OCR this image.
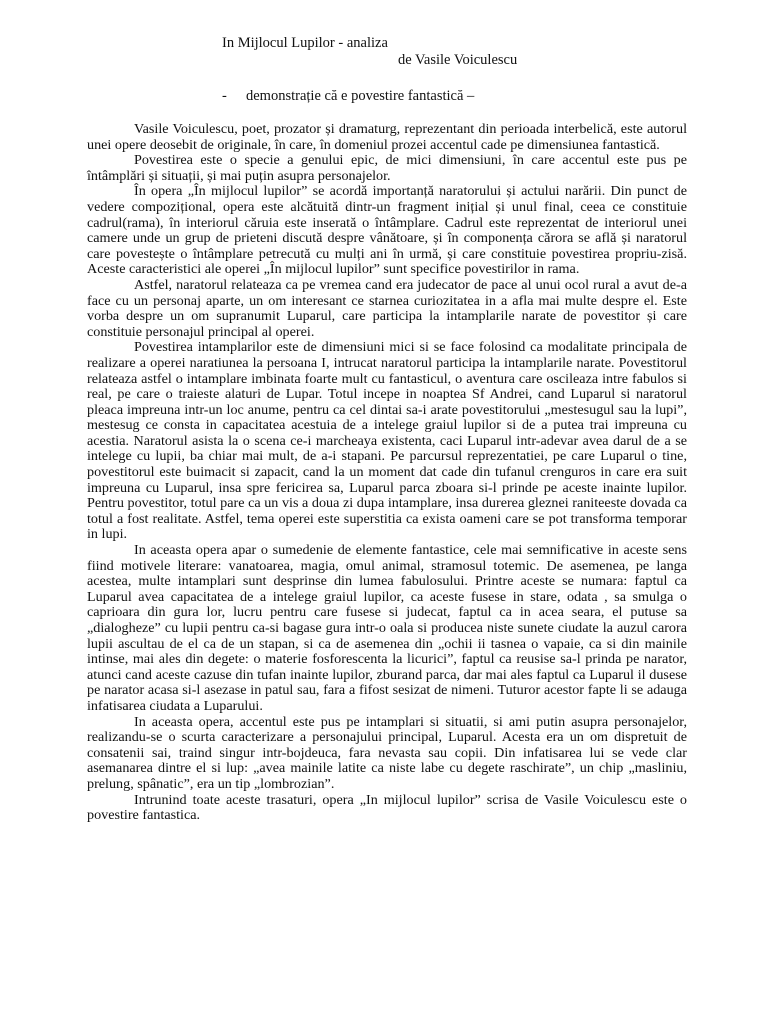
In Mijlocul Lupilor - analiza
de Vasile Voiculescu
- demonstrație că e povestire fantastică –

Vasile Voiculescu, poet, prozator și dramaturg, reprezentant din perioada interbelică, este autorul unei opere deosebit de originale, în care, în domeniul prozei accentul cade pe dimensiunea fantastică.

Povestirea este o specie a genului epic, de mici dimensiuni, în care accentul este pus pe întâmplări și situații, și mai puțin asupra personajelor.

În opera „În mijlocul lupilor” se acordă importanță naratorului și actului narării. Din punct de vedere compozițional, opera este alcătuită dintr-un fragment inițial și unul final, ceea ce constituie cadrul(rama), în interiorul căruia este inserată o întâmplare. Cadrul este reprezentat de interiorul unei camere unde un grup de prieteni discută despre vânătoare, și în componența cărora se află și naratorul care povestește o întâmplare petrecută cu mulți ani în urmă, și care constituie povestirea propriu-zisă. Aceste caracteristici ale operei „În mijlocul lupilor” sunt specifice povestirilor in rama.

Astfel, naratorul relateaza ca pe vremea cand era judecator de pace al unui ocol rural a avut de-a face cu un personaj aparte, un om interesant ce starnea curiozitatea in a afla mai multe despre el. Este vorba despre un om supranumit Luparul, care participa la intamplarile narate de povestitor și care constituie personajul principal al operei.

Povestirea intamplarilor este de dimensiuni mici si se face folosind ca modalitate principala de realizare a operei naratiunea la persoana I, intrucat naratorul participa la intamplarile narate. Povestitorul relateaza astfel o intamplare imbinata foarte mult cu fantasticul, o aventura care oscileaza intre fabulos si real, pe care o traieste alaturi de Lupar. Totul incepe in noaptea Sf Andrei, cand Luparul si naratorul pleaca impreuna intr-un loc anume, pentru ca cel dintai sa-i arate povestitorului „mestesugul sau la lupi”, mestesug ce consta in capacitatea acestuia de a intelege graiul lupilor si de a putea trai impreuna cu acestia. Naratorul asista la o scena ce-i marcheaya existenta, caci Luparul intr-adevar avea darul de a se intelege cu lupii, ba chiar mai mult, de a-i stapani. Pe parcursul reprezentatiei, pe care Luparul o tine, povestitorul este buimacit si zapacit, cand la un moment dat cade din tufanul crenguros in care era suit impreuna cu Luparul, insa spre fericirea sa, Luparul parca zboara si-l prinde pe aceste inainte lupilor. Pentru povestitor, totul pare ca un vis a doua zi dupa intamplare, insa durerea gleznei raniteeste dovada ca totul a fost realitate. Astfel, tema operei este superstitia ca exista oameni care se pot transforma temporar in lupi.

In aceasta opera apar o sumedenie de elemente fantastice, cele mai semnificative in aceste sens fiind motivele literare: vanatoarea, magia, omul animal, stramosul totemic. De asemenea, pe langa acestea, multe intamplari sunt desprinse din lumea fabulosului. Printre aceste se numara: faptul ca Luparul avea capacitatea de a intelege graiul lupilor, ca aceste fusese in stare, odata , sa smulga o caprioara din gura lor, lucru pentru care fusese si judecat, faptul ca in acea seara, el putuse sa „dialogheze” cu lupii pentru ca-si bagase gura intr-o oala si producea niste sunete ciudate la auzul carora lupii ascultau de el ca de un stapan, si ca de asemenea din „ochii ii tasnea o vapaie, ca si din mainile intinse, mai ales din degete: o materie fosforescenta la licurici”, faptul ca reusise sa-l prinda pe narator, atunci cand aceste cazuse din tufan inainte lupilor, zburand parca, dar mai ales faptul ca Luparul il dusese pe narator acasa si-l asezase in patul sau, fara a fifost sesizat de nimeni. Tuturor acestor fapte li se adauga infatisarea ciudata a Luparului.

In aceasta opera, accentul este pus pe intamplari si situatii, si ami putin asupra personajelor, realizandu-se o scurta caracterizare a personajului principal, Luparul. Acesta era un om dispretuit de consatenii sai, traind singur intr-bojdeuca, fara nevasta sau copii. Din infatisarea lui se vede clar asemanarea dintre el si lup: „avea mainile latite ca niste labe cu degete raschirate”, un chip „masliniu, prelung, spânatic”, era un tip „lombrozian”.

Intrunind toate aceste trasaturi, opera „In mijlocul lupilor” scrisa de Vasile Voiculescu este o povestire fantastica.
